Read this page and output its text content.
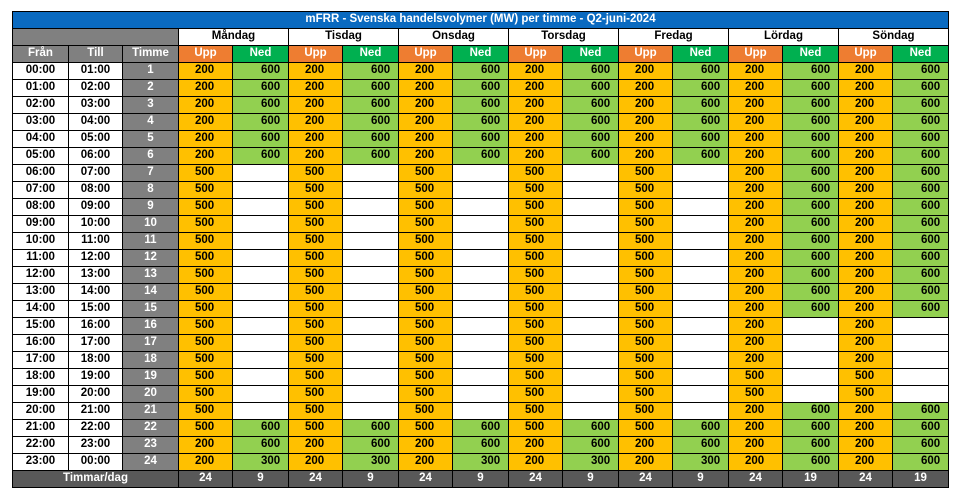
mFRR - Svenska handelsvolymer (MW) per timme - Q2-juni-2024																
			Måndag		Tisdag		Onsdag		Torsdag		Fredag		Lördag		Söndag	
Från	Till	Timme	Upp	Ned	Upp	Ned	Upp	Ned	Upp	Ned	Upp	Ned	Upp	Ned	Upp	Ned
00:00	01:00	1	200	600	200	600	200	600	200	600	200	600	200	600	200	600
01:00	02:00	2	200	600	200	600	200	600	200	600	200	600	200	600	200	600
02:00	03:00	3	200	600	200	600	200	600	200	600	200	600	200	600	200	600
03:00	04:00	4	200	600	200	600	200	600	200	600	200	600	200	600	200	600
04:00	05:00	5	200	600	200	600	200	600	200	600	200	600	200	600	200	600
05:00	06:00	6	200	600	200	600	200	600	200	600	200	600	200	600	200	600
06:00	07:00	7	500		500		500		500		500		200	600	200	600
07:00	08:00	8	500		500		500		500		500		200	600	200	600
08:00	09:00	9	500		500		500		500		500		200	600	200	600
09:00	10:00	10	500		500		500		500		500		200	600	200	600
10:00	11:00	11	500		500		500		500		500		200	600	200	600
11:00	12:00	12	500		500		500		500		500		200	600	200	600
12:00	13:00	13	500		500		500		500		500		200	600	200	600
13:00	14:00	14	500		500		500		500		500		200	600	200	600
14:00	15:00	15	500		500		500		500		500		200	600	200	600
15:00	16:00	16	500		500		500		500		500		200		200	
16:00	17:00	17	500		500		500		500		500		200		200	
17:00	18:00	18	500		500		500		500		500		200		200	
18:00	19:00	19	500		500		500		500		500		500		500	
19:00	20:00	20	500		500		500		500		500		500		500	
20:00	21:00	21	500		500		500		500		500		200	600	200	600
21:00	22:00	22	500	600	500	600	500	600	500	600	500	600	200	600	200	600
22:00	23:00	23	200	600	200	600	200	600	200	600	200	600	200	600	200	600
23:00	00:00	24	200	300	200	300	200	300	200	300	200	300	200	600	200	600
Timmar/dag			24	9	24	9	24	9	24	9	24	9	24	19	24	19
